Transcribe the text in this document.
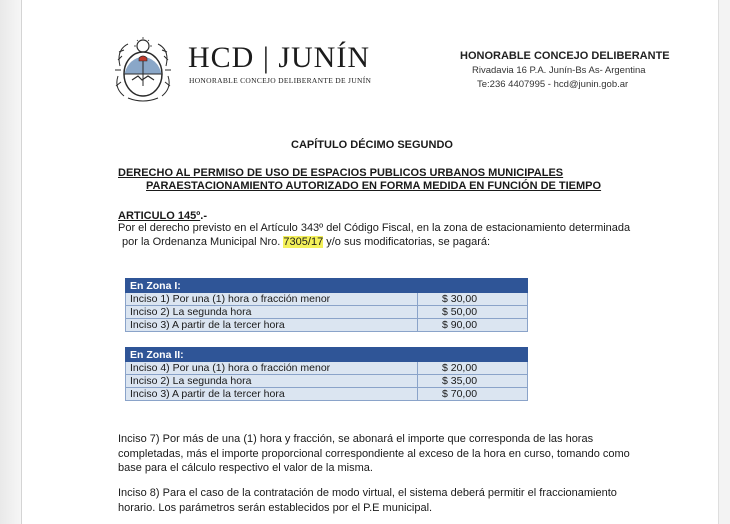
HCD | JUNÍN
HONORABLE CONCEJO DELIBERANTE DE JUNÍN
HONORABLE CONCEJO DELIBERANTE
Rivadavia 16 P.A. Junín-Bs As- Argentina
Te:236 4407995 - hcd@junin.gob.ar
CAPÍTULO DÉCIMO SEGUNDO
DERECHO AL PERMISO DE USO DE ESPACIOS PUBLICOS URBANOS MUNICIPALES
PARAESTACIONAMIENTO AUTORIZADO EN FORMA MEDIDA EN FUNCIÓN DE TIEMPO
ARTICULO 145º.-
Por el derecho previsto en el Artículo 343º del Código Fiscal, en la zona de estacionamiento determinada
por la Ordenanza Municipal Nro. 7305/17 y/o sus modificatorias, se pagará:
En Zona I:	
Inciso 1) Por una (1) hora o fracción menor	$ 30,00
Inciso 2) La segunda hora	$ 50,00
Inciso 3) A partir de la tercer hora	$ 90,00
En Zona II:	
Inciso 4) Por una (1) hora o fracción menor	$ 20,00
Inciso 2) La segunda hora	$ 35,00
Inciso 3) A partir de la tercer hora	$ 70,00
Inciso 7) Por más de una (1) hora y fracción, se abonará el importe que corresponda de las horas
completadas, más el importe proporcional correspondiente al exceso de la hora en curso, tomando como
base para el cálculo respectivo el valor de la misma.
Inciso 8) Para el caso de la contratación de modo virtual, el sistema deberá permitir el fraccionamiento
horario. Los parámetros serán establecidos por el P.E municipal.
